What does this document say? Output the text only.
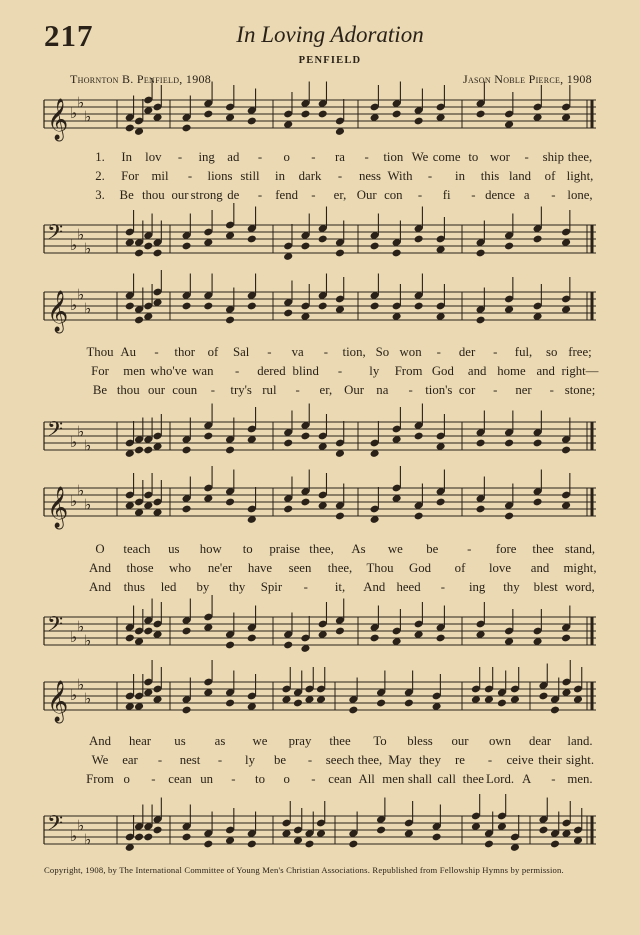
217	In Loving Adoration
PENFIELD
Thornton B. Penfield, 1908	Jason Noble Pierce, 1908
𝄞 ♭
♭
♭
𝄢 ♭
♭
♭
1. In lov - ing ad - o - ra - tion We come to wor - ship thee,
2. For mil - lions still in dark - ness With - in this land of light,
3. Be thou our strong de - fend - er, Our con - fi - dence a - lone,
𝄞 ♭
♭
♭
𝄢 ♭
♭
♭
Thou Au - thor of Sal - va - tion, So won - der - ful, so free;
For men who've wan - dered blind - ly From God and home and right—
Be thou our coun - try's rul - er, Our na - tion's cor - ner - stone;
𝄞 ♭
♭
♭
𝄢 ♭
♭
♭
O teach us how to praise thee, As we be - fore thee stand,
And those who ne'er have seen thee, Thou God of love and might,
And thus led by thy Spir - it, And heed - ing thy blest word,
𝄞 ♭
♭
♭
𝄢 ♭
♭
♭
And hear us as we pray thee To bless our own dear land.
We ear - nest - ly be - seech thee, May they re - ceive their sight.
From o - cean un - to o - cean All men shall call thee Lord. A - men.
Copyright, 1908, by The International Committee of Young Men's Christian Associations. Republished from Fellowship Hymns by permission.
